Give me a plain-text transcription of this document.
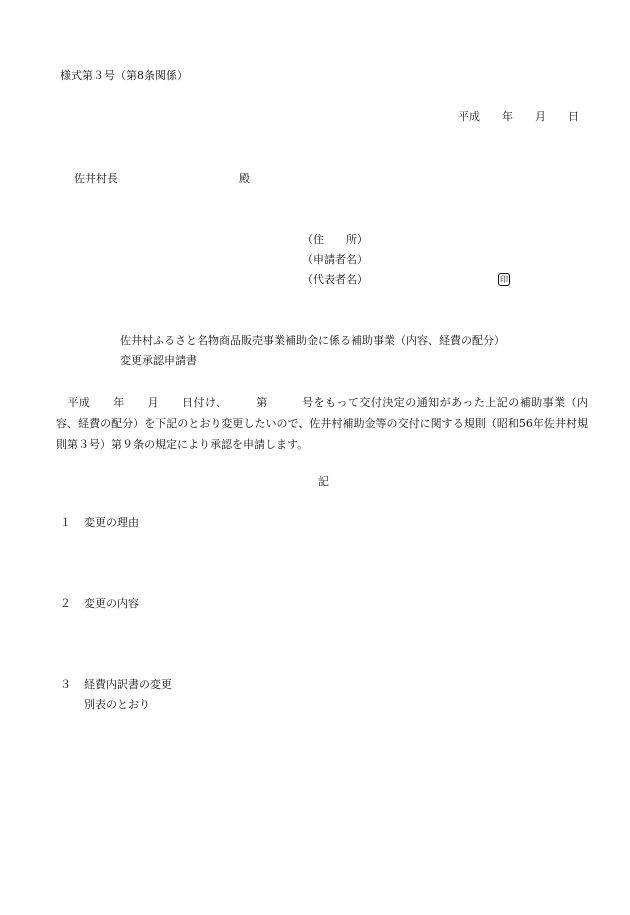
様式第３号（第8条関係）
平成　　年　　月　　日
佐井村長	殿
（住　　所）
（申請者名）
（代表者名）	印
佐井村ふるさと名物商品販売事業補助金に係る補助事業（内容、経費の配分）
変更承認申請書
　平成　　年　　月　　日付け、　　　第　　　号をもって交付決定の通知があった上記の補助事業（内容、経費の配分）を下記のとおり変更したいので、佐井村補助金等の交付に関する規則（昭和56年佐井村規則第３号）第９条の規定により承認を申請します。
記
１ 変更の理由
２ 変更の内容
３ 経費内訳書の変更
別表のとおり
